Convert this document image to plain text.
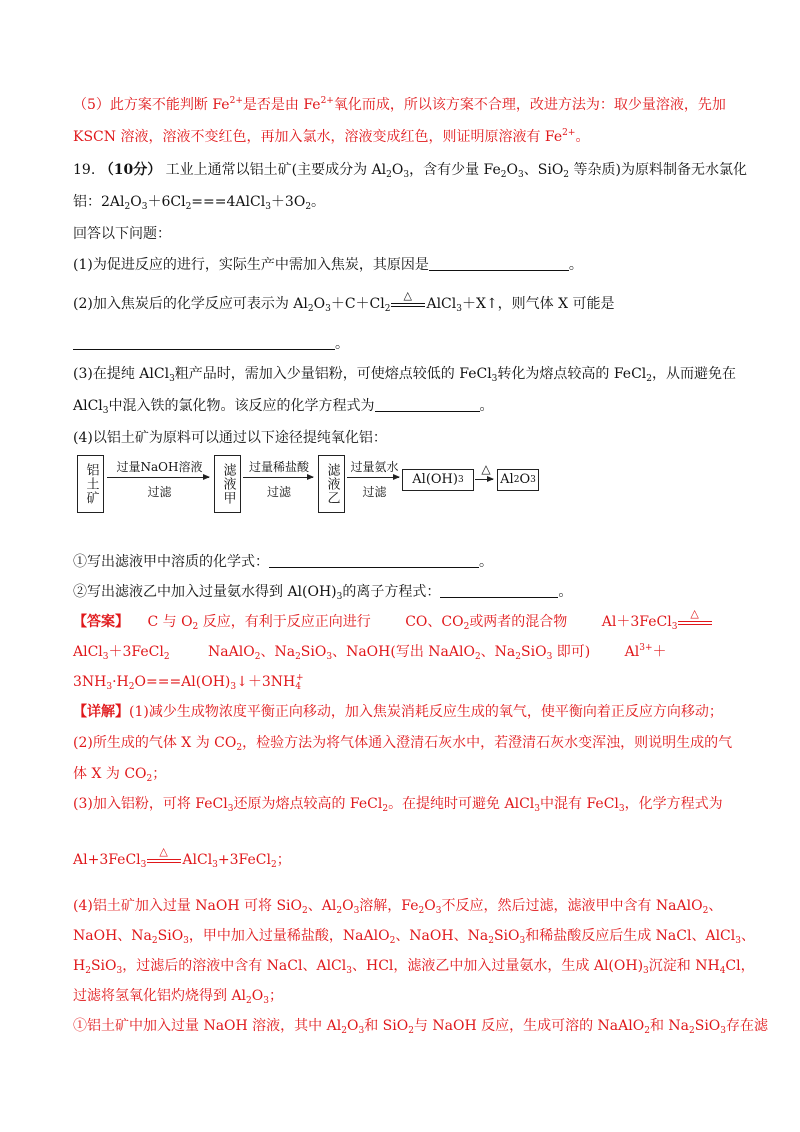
（5）此方案不能判断 $Fe^{2+}$是否是由 $Fe^{2+}$氧化而成，所以该方案不合理，改进方法为：取少量溶液，先加
KSCN 溶液，溶液不变红色，再加入氯水，溶液变成红色，则证明原溶液有 $Fe^{2+}$。
19. （10分） 工业上通常以铝土矿(主要成分为 $Al_2O_3$，含有少量 $Fe_2O_3$、SiO$_2$ 等杂质)为原料制备无水氯化
铝：$2Al_2O_3+6Cl_2===4AlCl_3+3O_2$。
回答以下问题：
(1)为促进反应的进行，实际生产中需加入焦炭，其原因是	。
(2)加入焦炭后的化学反应可表示为 $Al_2O_3+C+Cl_2$
△
AlCl$_3$＋X↑，则气体 X 可能是
。
(3)在提纯 AlCl$_3$粗产品时，需加入少量铝粉，可使熔点较低的 FeCl$_3$转化为熔点较高的 FeCl$_2$，从而避免在
AlCl$_3$中混入铁的氯化物。该反应的化学方程式为	。
(4)以铝土矿为原料可以通过以下途径提纯氧化铝：
铝土矿	过量NaOH溶液
过滤	滤液甲	过量稀盐酸
过滤	滤液乙 过量氨水
过滤
Al(OH) 3
△
Al 2 O 3
①写出滤液甲中溶质的化学式：	。
②写出滤液乙中加入过量氨水得到 $Al(OH)_3$的离子方程式：	。
【答案】 C 与 $O_2$ 反应，有利于反应正向进行 CO、$CO_2$或两者的混合物 Al＋3FeCl$_3$
△
AlCl$_3$＋3FeCl$_2$	NaAlO$_2$、$Na_2SiO_3$、NaOH(写出 NaAlO$_2$、$Na_2SiO_3$ 即可) $Al^{3+}+$
$3NH_3\cdot H_2O===Al(OH)_3↓+3NH_4^+$
【详解】(1)减少生成物浓度平衡正向移动，加入焦炭消耗反应生成的氧气，使平衡向着正反应方向移动；
(2)所生成的气体 X 为 $CO_2$，检验方法为将气体通入澄清石灰水中，若澄清石灰水变浑浊，则说明生成的气
体 X 为 $CO_2$；
(3)加入铝粉，可将 FeCl$_3$还原为熔点较高的 FeCl$_2$。在提纯时可避免 AlCl$_3$中混有 FeCl$_3$，化学方程式为
Al+3FeCl$_3$
△
AlCl$_3$+3FeCl$_2$；
(4)铝土矿加入过量 NaOH 可将 SiO$_2$、$Al_2O_3$溶解，$Fe_2O_3$不反应，然后过滤，滤液甲中含有 NaAlO$_2$、
NaOH、$Na_2SiO_3$，甲中加入过量稀盐酸，NaAlO$_2$、NaOH、$Na_2SiO_3$和稀盐酸反应后生成 NaCl、AlCl$_3$、
$H_2SiO_3$，过滤后的溶液中含有 NaCl、AlCl$_3$、HCl，滤液乙中加入过量氨水，生成 $Al(OH)_3$沉淀和 $NH_4Cl$，
过滤将氢氧化铝灼烧得到 $Al_2O_3$；
①铝土矿中加入过量 NaOH 溶液，其中 $Al_2O_3$和 SiO$_2$与 NaOH 反应，生成可溶的 NaAlO$_2$和 $Na_2SiO_3$存在滤
